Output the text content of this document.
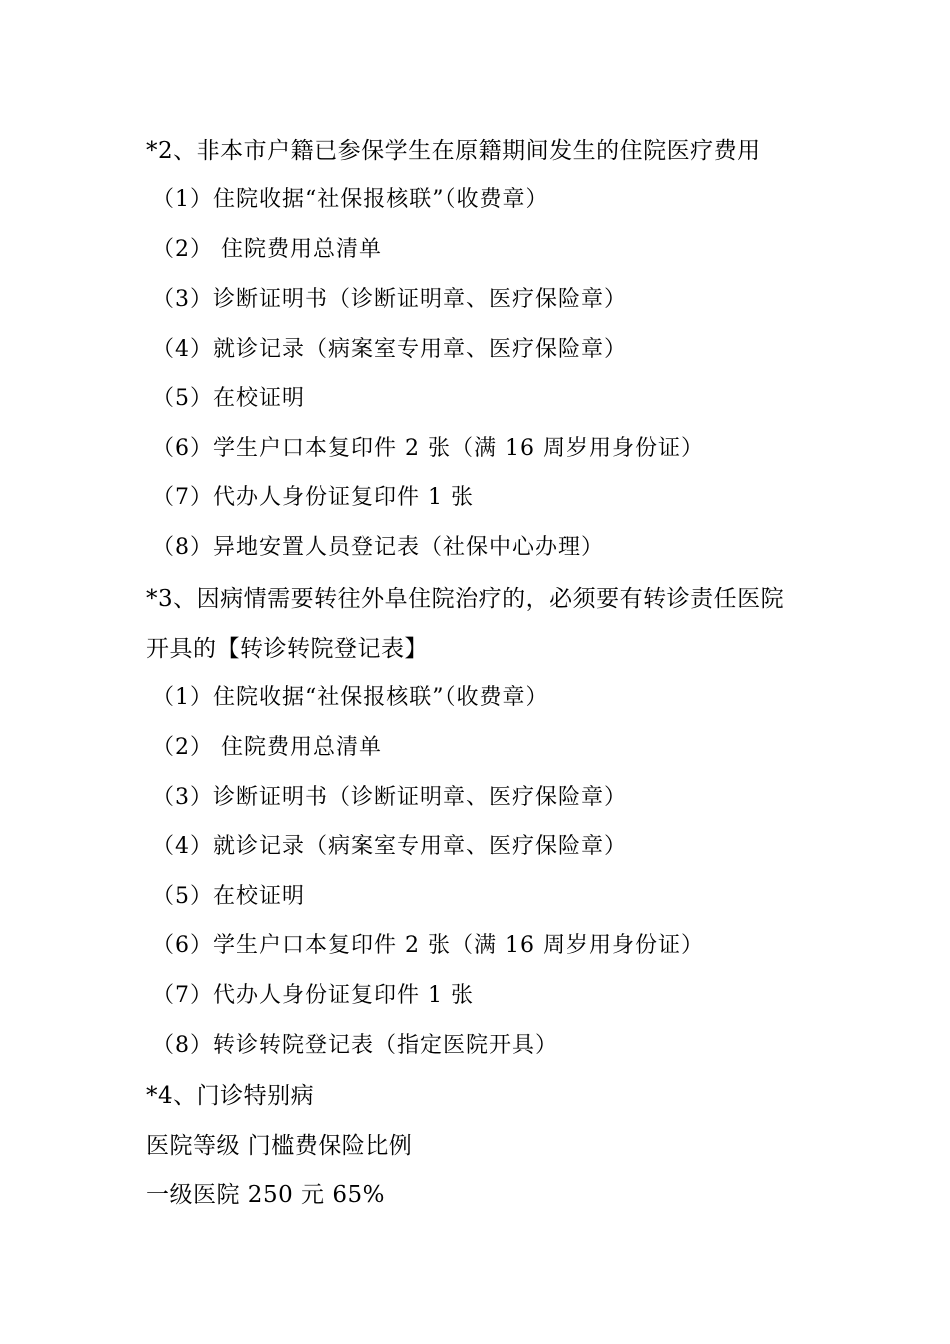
*2、非本市户籍已参保学生在原籍期间发生的住院医疗费用
（1）住院收据“社保报核联”（收费章）
（2） 住院费用总清单
（3）诊断证明书（诊断证明章、医疗保险章）
（4）就诊记录（病案室专用章、医疗保险章）
（5）在校证明
（6）学生户口本复印件 2 张（满 16 周岁用身份证）
（7）代办人身份证复印件 1 张
（8）异地安置人员登记表（社保中心办理）
*3、因病情需要转往外阜住院治疗的，必须要有转诊责任医院
开具的【转诊转院登记表】
（1）住院收据“社保报核联”（收费章）
（2） 住院费用总清单
（3）诊断证明书（诊断证明章、医疗保险章）
（4）就诊记录（病案室专用章、医疗保险章）
（5）在校证明
（6）学生户口本复印件 2 张（满 16 周岁用身份证）
（7）代办人身份证复印件 1 张
（8）转诊转院登记表（指定医院开具）
*4、门诊特别病
医院等级 门槛费保险比例
一级医院 250 元 65%
